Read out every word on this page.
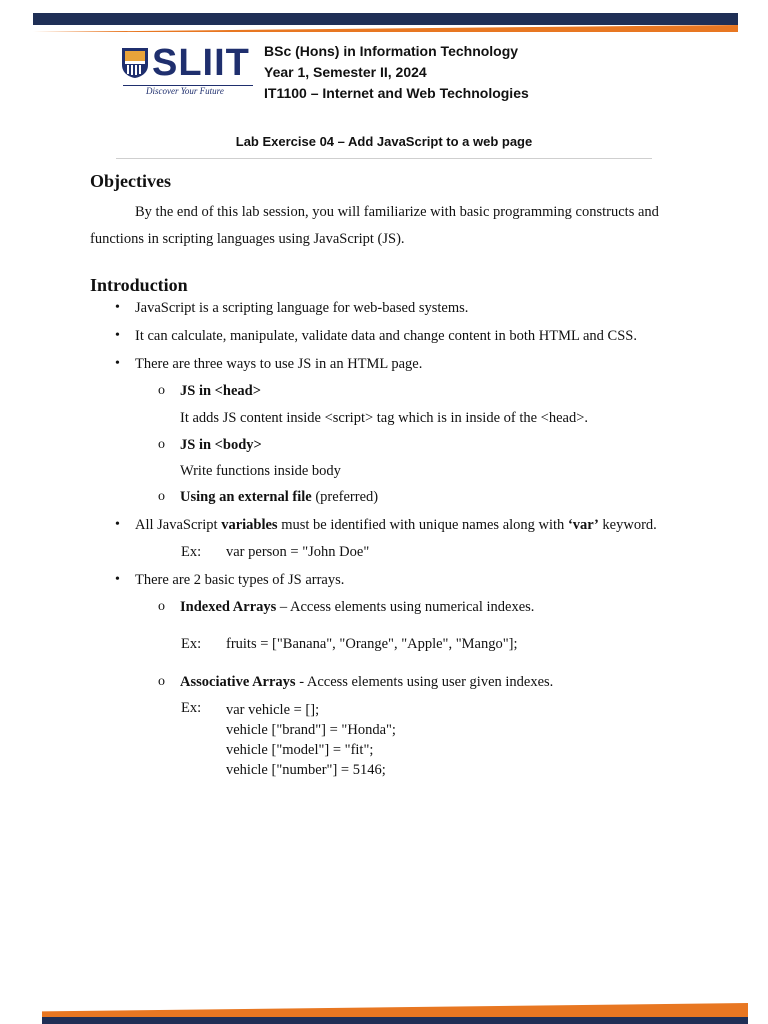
SLIIT
Discover Your Future
BSc (Hons) in Information Technology
Year 1, Semester II, 2024
IT1100 – Internet and Web Technologies
Lab Exercise 04 – Add JavaScript to a web page
Objectives
By the end of this lab session, you will familiarize with basic programming constructs and
functions in scripting languages using JavaScript (JS).
Introduction
• JavaScript is a scripting language for web-based systems.
• It can calculate, manipulate, validate data and change content in both HTML and CSS.
• There are three ways to use JS in an HTML page.
o JS in <head>
It adds JS content inside <script> tag which is in inside of the <head>.
o JS in <body>
Write functions inside body
o Using an external file (preferred)
• All JavaScript variables must be identified with unique names along with ‘var’ keyword.
Ex: var person = "John Doe"
• There are 2 basic types of JS arrays.
o Indexed Arrays – Access elements using numerical indexes.
Ex: fruits = ["Banana", "Orange", "Apple", "Mango"];
o Associative Arrays - Access elements using user given indexes.
Ex: var vehicle = [];
vehicle ["brand"] = "Honda";
vehicle ["model"] = "fit";
vehicle ["number"] = 5146;
